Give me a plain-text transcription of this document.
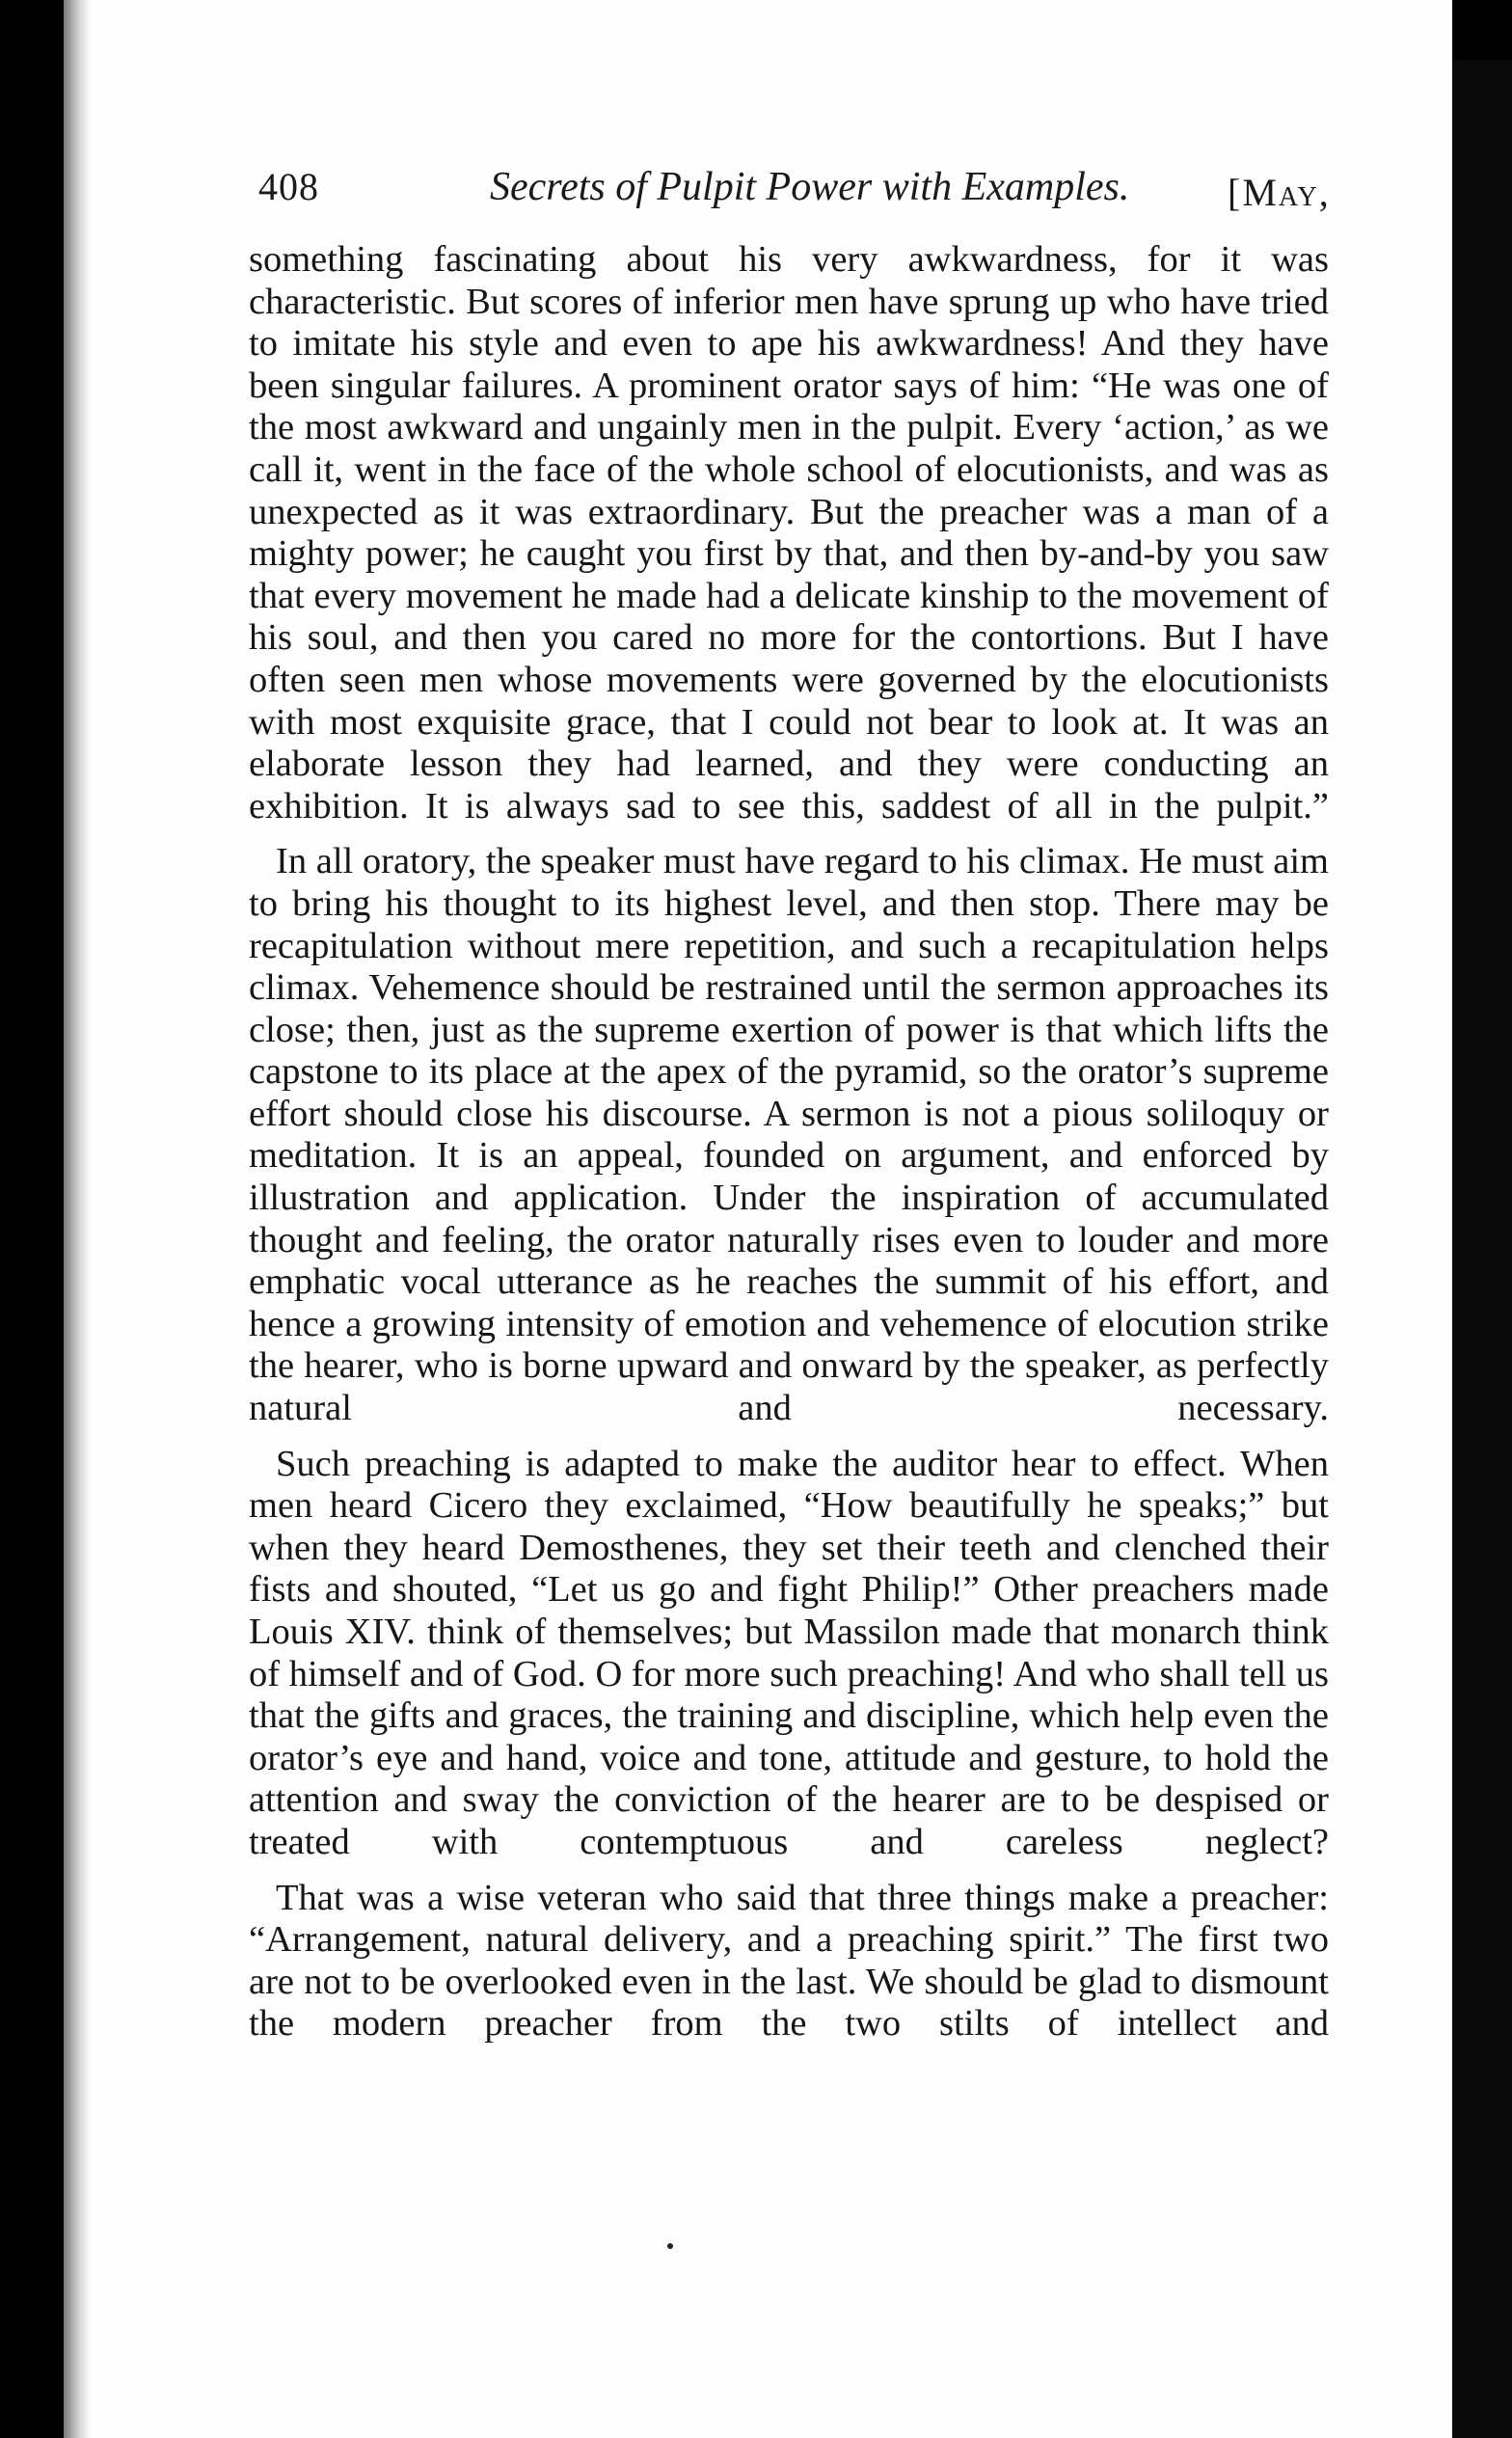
408	Secrets of Pulpit Power with Examples.	[May,

something fascinating about his very awkwardness, for it was characteristic. But scores of inferior men have sprung up who have tried to imitate his style and even to ape his awkwardness! And they have been singular failures. A prominent orator says of him: “He was one of the most awkward and ungainly men in the pulpit. Every ‘action,’ as we call it, went in the face of the whole school of elocutionists, and was as unexpected as it was extraordinary. But the preacher was a man of a mighty power; he caught you first by that, and then by-and-by you saw that every movement he made had a delicate kinship to the movement of his soul, and then you cared no more for the contortions. But I have often seen men whose movements were governed by the elocutionists with most exquisite grace, that I could not bear to look at. It was an elaborate lesson they had learned, and they were conducting an exhibition. It is always sad to see this, saddest of all in the pulpit.”

In all oratory, the speaker must have regard to his climax. He must aim to bring his thought to its highest level, and then stop. There may be recapitulation without mere repetition, and such a recapitulation helps climax. Vehemence should be restrained until the sermon approaches its close; then, just as the supreme exertion of power is that which lifts the capstone to its place at the apex of the pyramid, so the orator’s supreme effort should close his discourse. A sermon is not a pious soliloquy or meditation. It is an appeal, founded on argument, and enforced by illustration and application. Under the inspiration of accumulated thought and feeling, the orator naturally rises even to louder and more emphatic vocal utterance as he reaches the summit of his effort, and hence a growing intensity of emotion and vehemence of elocution strike the hearer, who is borne upward and onward by the speaker, as perfectly natural and necessary.

Such preaching is adapted to make the auditor hear to effect. When men heard Cicero they exclaimed, “How beautifully he speaks;” but when they heard Demosthenes, they set their teeth and clenched their fists and shouted, “Let us go and fight Philip!” Other preachers made Louis XIV. think of themselves; but Massilon made that monarch think of himself and of God. O for more such preaching! And who shall tell us that the gifts and graces, the training and discipline, which help even the orator’s eye and hand, voice and tone, attitude and gesture, to hold the attention and sway the conviction of the hearer are to be despised or treated with contemptuous and careless neglect?

That was a wise veteran who said that three things make a preacher: “Arrangement, natural delivery, and a preaching spirit.” The first two are not to be overlooked even in the last. We should be glad to dismount the modern preacher from the two stilts of intellect and
